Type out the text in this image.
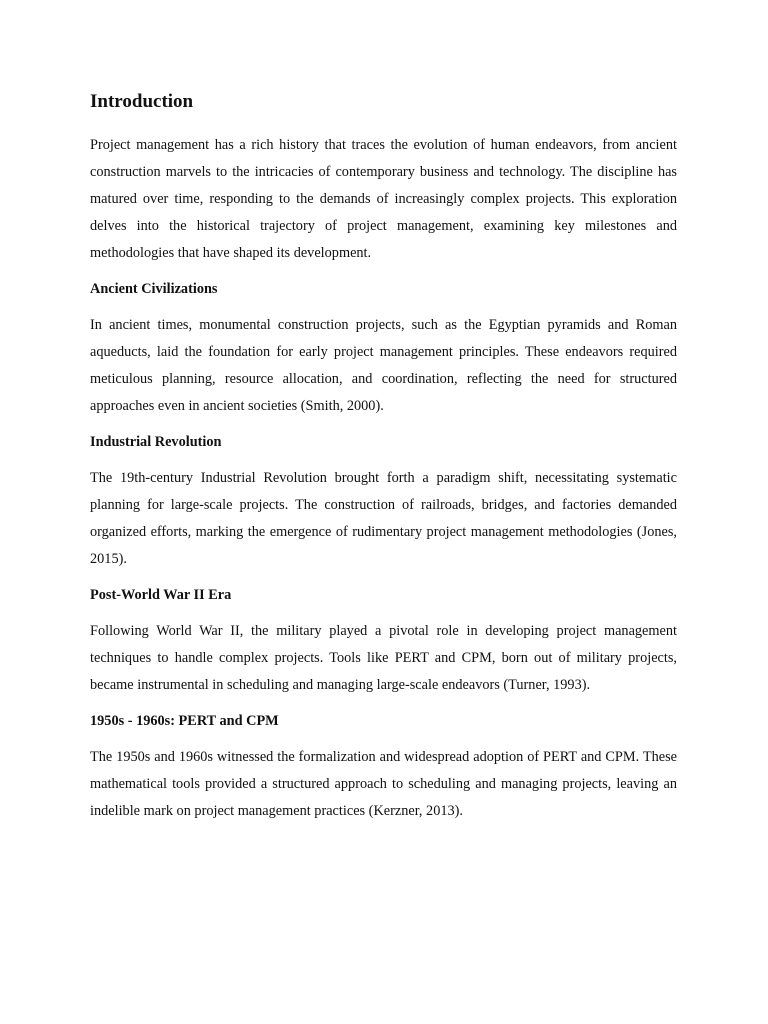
Introduction

Project management has a rich history that traces the evolution of human endeavors, from ancient construction marvels to the intricacies of contemporary business and technology. The discipline has matured over time, responding to the demands of increasingly complex projects. This exploration delves into the historical trajectory of project management, examining key milestones and methodologies that have shaped its development.

Ancient Civilizations

In ancient times, monumental construction projects, such as the Egyptian pyramids and Roman aqueducts, laid the foundation for early project management principles. These endeavors required meticulous planning, resource allocation, and coordination, reflecting the need for structured approaches even in ancient societies (Smith, 2000).

Industrial Revolution

The 19th-century Industrial Revolution brought forth a paradigm shift, necessitating systematic planning for large-scale projects. The construction of railroads, bridges, and factories demanded organized efforts, marking the emergence of rudimentary project management methodologies (Jones, 2015).

Post-World War II Era

Following World War II, the military played a pivotal role in developing project management techniques to handle complex projects. Tools like PERT and CPM, born out of military projects, became instrumental in scheduling and managing large-scale endeavors (Turner, 1993).

1950s - 1960s: PERT and CPM

The 1950s and 1960s witnessed the formalization and widespread adoption of PERT and CPM. These mathematical tools provided a structured approach to scheduling and managing projects, leaving an indelible mark on project management practices (Kerzner, 2013).
